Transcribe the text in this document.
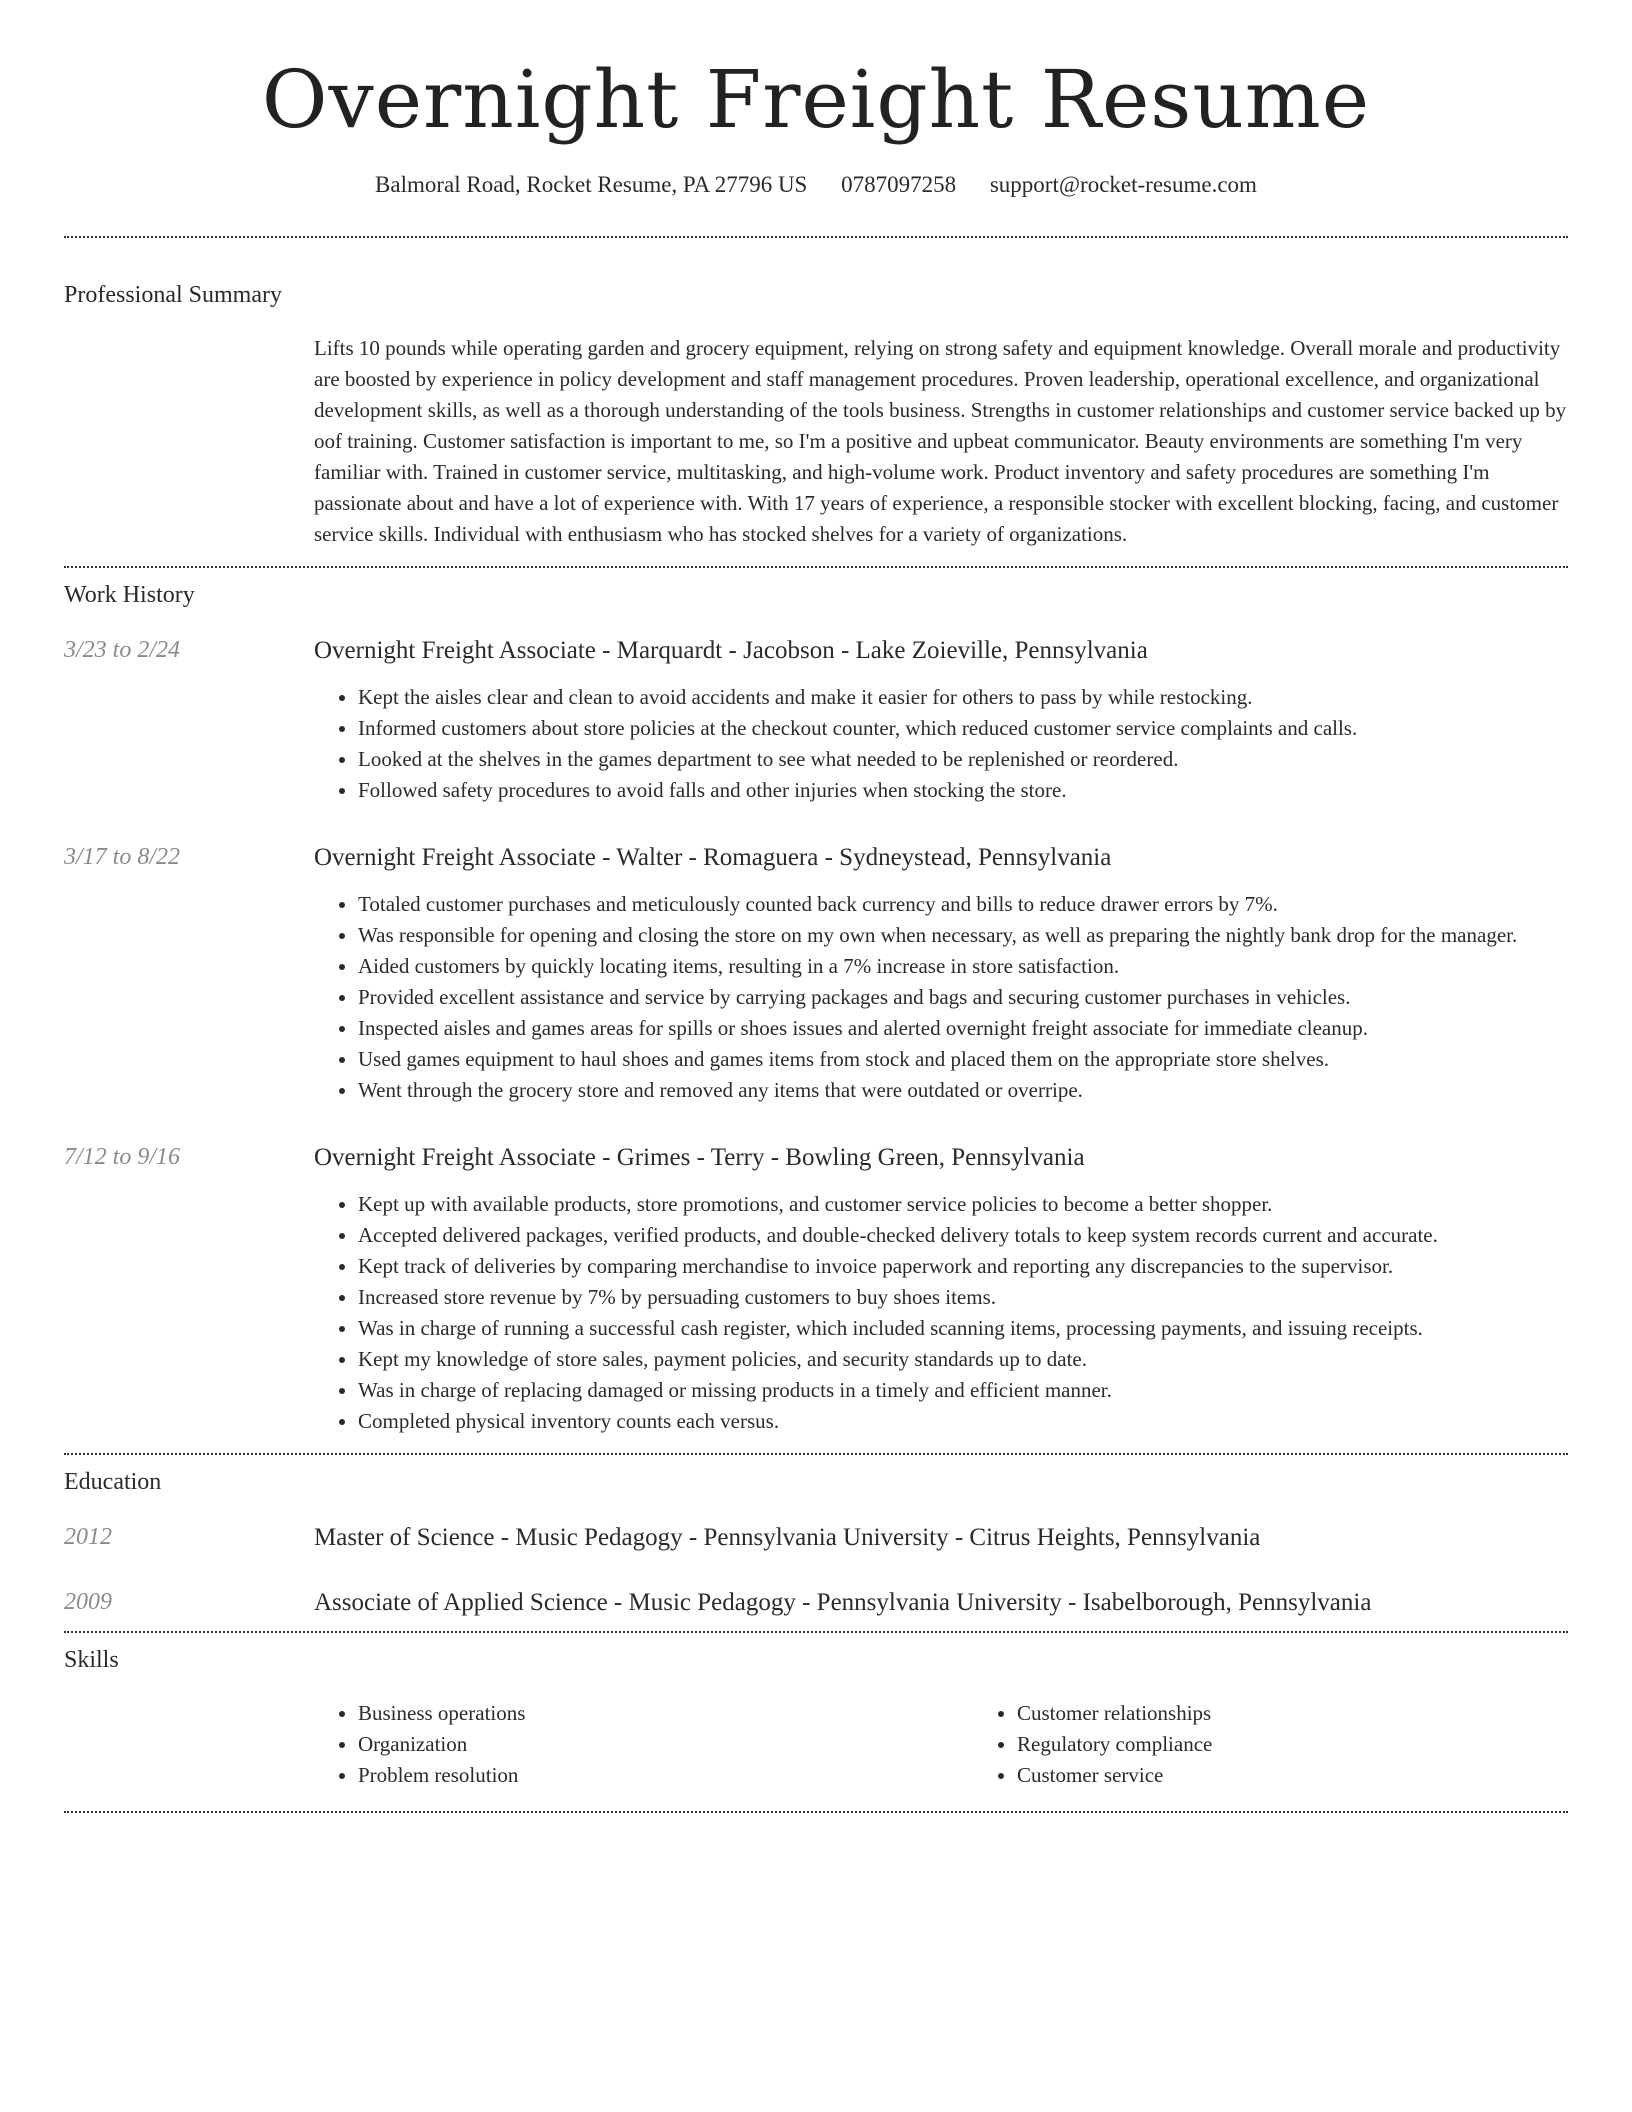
Overnight Freight Resume
Balmoral Road, Rocket Resume, PA 27796 US 0787097258 support@rocket-resume.com
Professional Summary
Lifts 10 pounds while operating garden and grocery equipment, relying on strong safety and equipment knowledge. Overall morale and productivity are boosted by experience in policy development and staff management procedures. Proven leadership, operational excellence, and organizational development skills, as well as a thorough understanding of the tools business. Strengths in customer relationships and customer service backed up by oof training. Customer satisfaction is important to me, so I'm a positive and upbeat communicator. Beauty environments are something I'm very familiar with. Trained in customer service, multitasking, and high-volume work. Product inventory and safety procedures are something I'm passionate about and have a lot of experience with. With 17 years of experience, a responsible stocker with excellent blocking, facing, and customer service skills. Individual with enthusiasm who has stocked shelves for a variety of organizations.
Work History
3/23 to 2/24	Overnight Freight Associate - Marquardt - Jacobson - Lake Zoieville, Pennsylvania
• Kept the aisles clear and clean to avoid accidents and make it easier for others to pass by while restocking.
• Informed customers about store policies at the checkout counter, which reduced customer service complaints and calls.
• Looked at the shelves in the games department to see what needed to be replenished or reordered.
• Followed safety procedures to avoid falls and other injuries when stocking the store.
3/17 to 8/22	Overnight Freight Associate - Walter - Romaguera - Sydneystead, Pennsylvania
• Totaled customer purchases and meticulously counted back currency and bills to reduce drawer errors by 7%.
• Was responsible for opening and closing the store on my own when necessary, as well as preparing the nightly bank drop for the manager.
• Aided customers by quickly locating items, resulting in a 7% increase in store satisfaction.
• Provided excellent assistance and service by carrying packages and bags and securing customer purchases in vehicles.
• Inspected aisles and games areas for spills or shoes issues and alerted overnight freight associate for immediate cleanup.
• Used games equipment to haul shoes and games items from stock and placed them on the appropriate store shelves.
• Went through the grocery store and removed any items that were outdated or overripe.
7/12 to 9/16	Overnight Freight Associate - Grimes - Terry - Bowling Green, Pennsylvania
• Kept up with available products, store promotions, and customer service policies to become a better shopper.
• Accepted delivered packages, verified products, and double-checked delivery totals to keep system records current and accurate.
• Kept track of deliveries by comparing merchandise to invoice paperwork and reporting any discrepancies to the supervisor.
• Increased store revenue by 7% by persuading customers to buy shoes items.
• Was in charge of running a successful cash register, which included scanning items, processing payments, and issuing receipts.
• Kept my knowledge of store sales, payment policies, and security standards up to date.
• Was in charge of replacing damaged or missing products in a timely and efficient manner.
• Completed physical inventory counts each versus.
Education
2012	Master of Science - Music Pedagogy - Pennsylvania University - Citrus Heights, Pennsylvania
2009	Associate of Applied Science - Music Pedagogy - Pennsylvania University - Isabelborough, Pennsylvania
Skills
• Business operations
• Organization
• Problem resolution
• Customer relationships
• Regulatory compliance
• Customer service
